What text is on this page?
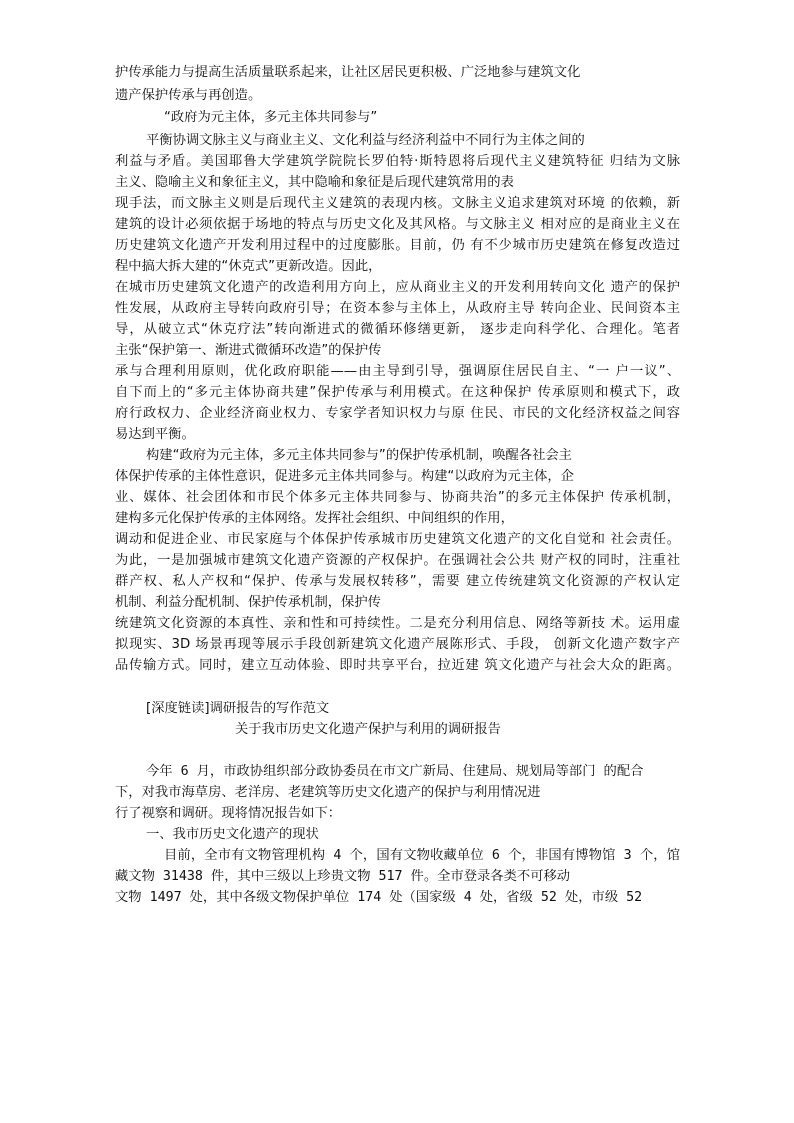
护传承能力与提高生活质量联系起来，让社区居民更积极、广泛地参与建筑文化
遗产保护传承与再创造。
“政府为元主体，多元主体共同参与”
平衡协调文脉主义与商业主义、文化利益与经济利益中不同行为主体之间的
利益与矛盾。美国耶鲁大学建筑学院院长罗伯特·斯特恩将后现代主义建筑特征 归结为文脉
主义、隐喻主义和象征主义，其中隐喻和象征是后现代建筑常用的表
现手法，而文脉主义则是后现代主义建筑的表现内核。文脉主义追求建筑对环境 的依赖，新
建筑的设计必须依据于场地的特点与历史文化及其风格。与文脉主义 相对应的是商业主义在
历史建筑文化遗产开发利用过程中的过度膨胀。目前，仍 有不少城市历史建筑在修复改造过
程中搞大拆大建的“休克式”更新改造。因此，
在城市历史建筑文化遗产的改造利用方向上，应从商业主义的开发利用转向文化 遗产的保护
性发展，从政府主导转向政府引导；在资本参与主体上，从政府主导 转向企业、民间资本主
导，从破立式“休克疗法”转向渐进式的微循环修缮更新， 逐步走向科学化、合理化。笔者
主张“保护第一、渐进式微循环改造”的保护传
承与合理利用原则，优化政府职能——由主导到引导，强调原住居民自主、“一 户一议”、
自下而上的“多元主体协商共建”保护传承与利用模式。在这种保护 传承原则和模式下，政
府行政权力、企业经济商业权力、专家学者知识权力与原 住民、市民的文化经济权益之间容
易达到平衡。
构建“政府为元主体，多元主体共同参与”的保护传承机制，唤醒各社会主
体保护传承的主体性意识，促进多元主体共同参与。构建“以政府为元主体，企
业、媒体、社会团体和市民个体多元主体共同参与、协商共治”的多元主体保护 传承机制，
建构多元化保护传承的主体网络。发挥社会组织、中间组织的作用，
调动和促进企业、市民家庭与个体保护传承城市历史建筑文化遗产的文化自觉和 社会责任。
为此，一是加强城市建筑文化遗产资源的产权保护。在强调社会公共 财产权的同时，注重社
群产权、私人产权和“保护、传承与发展权转移”，需要 建立传统建筑文化资源的产权认定
机制、利益分配机制、保护传承机制，保护传
统建筑文化资源的本真性、亲和性和可持续性。二是充分利用信息、网络等新技 术。运用虚
拟现实、3D 场景再现等展示手段创新建筑文化遗产展陈形式、手段， 创新文化遗产数字产
品传输方式。同时，建立互动体验、即时共享平台，拉近建 筑文化遗产与社会大众的距离。
[深度链读]调研报告的写作范文
关于我市历史文化遗产保护与利用的调研报告
今年 6 月，市政协组织部分政协委员在市文广新局、住建局、规划局等部门 的配合
下，对我市海草房、老洋房、老建筑等历史文化遗产的保护与利用情况进
行了视察和调研。现将情况报告如下：
一、我市历史文化遗产的现状
目前，全市有文物管理机构 4 个，国有文物收藏单位 6 个，非国有博物馆 3 个，馆
藏文物 31438 件，其中三级以上珍贵文物 517 件。全市登录各类不可移动
文物 1497 处，其中各级文物保护单位 174 处（国家级 4 处，省级 52 处，市级 52
